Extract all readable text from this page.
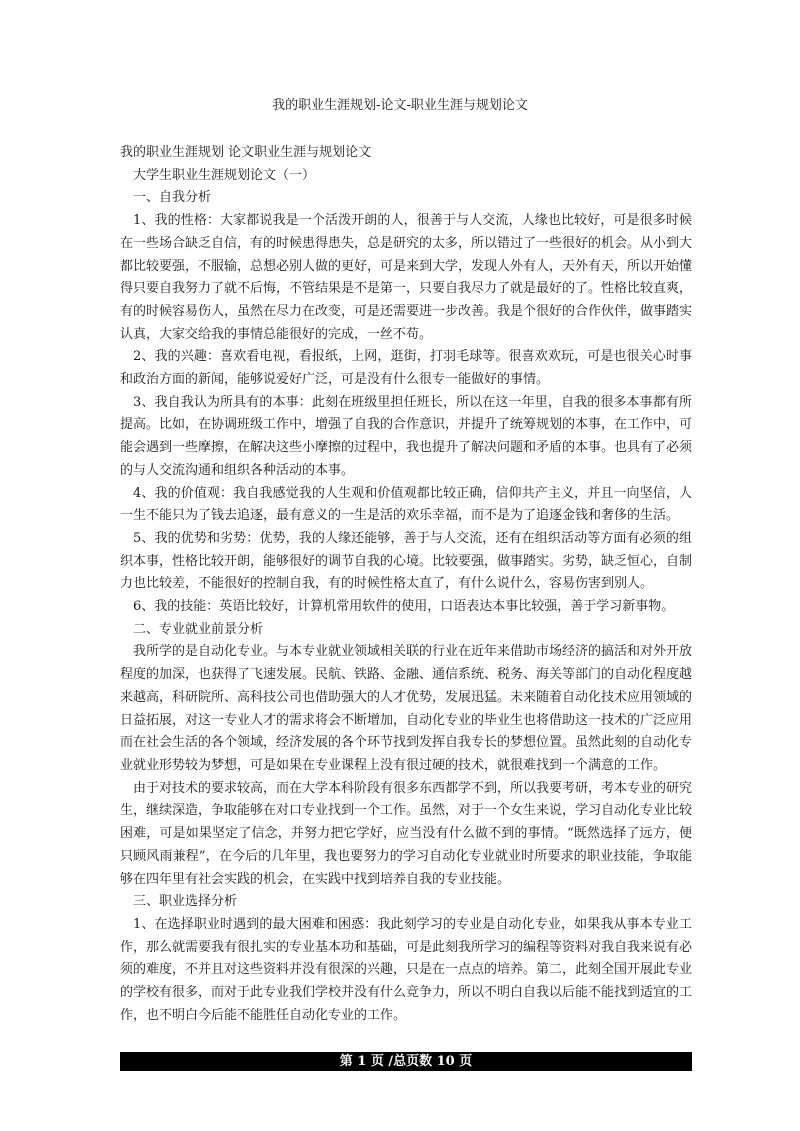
我的职业生涯规划-论文-职业生涯与规划论文

我的职业生涯规划 论文职业生涯与规划论文

大学生职业生涯规划论文（一）

一、自我分析

1、我的性格：大家都说我是一个活泼开朗的人，很善于与人交流，人缘也比较好，可是很多时候在一些场合缺乏自信，有的时候患得患失，总是研究的太多，所以错过了一些很好的机会。从小到大都比较要强，不服输，总想必别人做的更好，可是来到大学，发现人外有人，天外有天，所以开始懂得只要自我努力了就不后悔，不管结果是不是第一，只要自我尽力了就是最好的了。性格比较直爽，有的时候容易伤人，虽然在尽力在改变，可是还需要进一步改善。我是个很好的合作伙伴，做事踏实认真，大家交给我的事情总能很好的完成，一丝不苟。

2、我的兴趣：喜欢看电视，看报纸，上网，逛街，打羽毛球等。很喜欢欢玩，可是也很关心时事和政治方面的新闻，能够说爱好广泛，可是没有什么很专一能做好的事情。

3、我自我认为所具有的本事：此刻在班级里担任班长，所以在这一年里，自我的很多本事都有所提高。比如，在协调班级工作中，增强了自我的合作意识，并提升了统筹规划的本事，在工作中，可能会遇到一些摩擦，在解决这些小摩擦的过程中，我也提升了解决问题和矛盾的本事。也具有了必须的与人交流沟通和组织各种活动的本事。

4、我的价值观：我自我感觉我的人生观和价值观都比较正确，信仰共产主义，并且一向坚信，人一生不能只为了钱去追逐，最有意义的一生是活的欢乐幸福，而不是为了追逐金钱和奢侈的生活。

5、我的优势和劣势：优势，我的人缘还能够，善于与人交流，还有在组织活动等方面有必须的组织本事，性格比较开朗，能够很好的调节自我的心境。比较要强，做事踏实。劣势，缺乏恒心，自制力也比较差，不能很好的控制自我，有的时候性格太直了，有什么说什么，容易伤害到别人。

6、我的技能：英语比较好，计算机常用软件的使用，口语表达本事比较强，善于学习新事物。

二、专业就业前景分析

我所学的是自动化专业。与本专业就业领域相关联的行业在近年来借助市场经济的搞活和对外开放程度的加深，也获得了飞速发展。民航、铁路、金融、通信系统、税务、海关等部门的自动化程度越来越高，科研院所、高科技公司也借助强大的人才优势，发展迅猛。未来随着自动化技术应用领域的日益拓展，对这一专业人才的需求将会不断增加，自动化专业的毕业生也将借助这一技术的广泛应用而在社会生活的各个领域，经济发展的各个环节找到发挥自我专长的梦想位置。虽然此刻的自动化专业就业形势较为梦想，可是如果在专业课程上没有很过硬的技术，就很难找到一个满意的工作。

由于对技术的要求较高，而在大学本科阶段有很多东西都学不到，所以我要考研，考本专业的研究生，继续深造，争取能够在对口专业找到一个工作。虽然，对于一个女生来说，学习自动化专业比较困难，可是如果坚定了信念，并努力把它学好，应当没有什么做不到的事情。“既然选择了远方，便只顾风雨兼程”，在今后的几年里，我也要努力的学习自动化专业就业时所要求的职业技能，争取能够在四年里有社会实践的机会，在实践中找到培养自我的专业技能。

三、职业选择分析

1、在选择职业时遇到的最大困难和困惑：我此刻学习的专业是自动化专业，如果我从事本专业工作，那么就需要我有很扎实的专业基本功和基础，可是此刻我所学习的编程等资料对我自我来说有必须的难度，不并且对这些资料并没有很深的兴趣，只是在一点点的培养。第二，此刻全国开展此专业的学校有很多，而对于此专业我们学校并没有什么竞争力，所以不明白自我以后能不能找到适宜的工作，也不明白今后能不能胜任自动化专业的工作。

第 1 页 /总页数 10 页
